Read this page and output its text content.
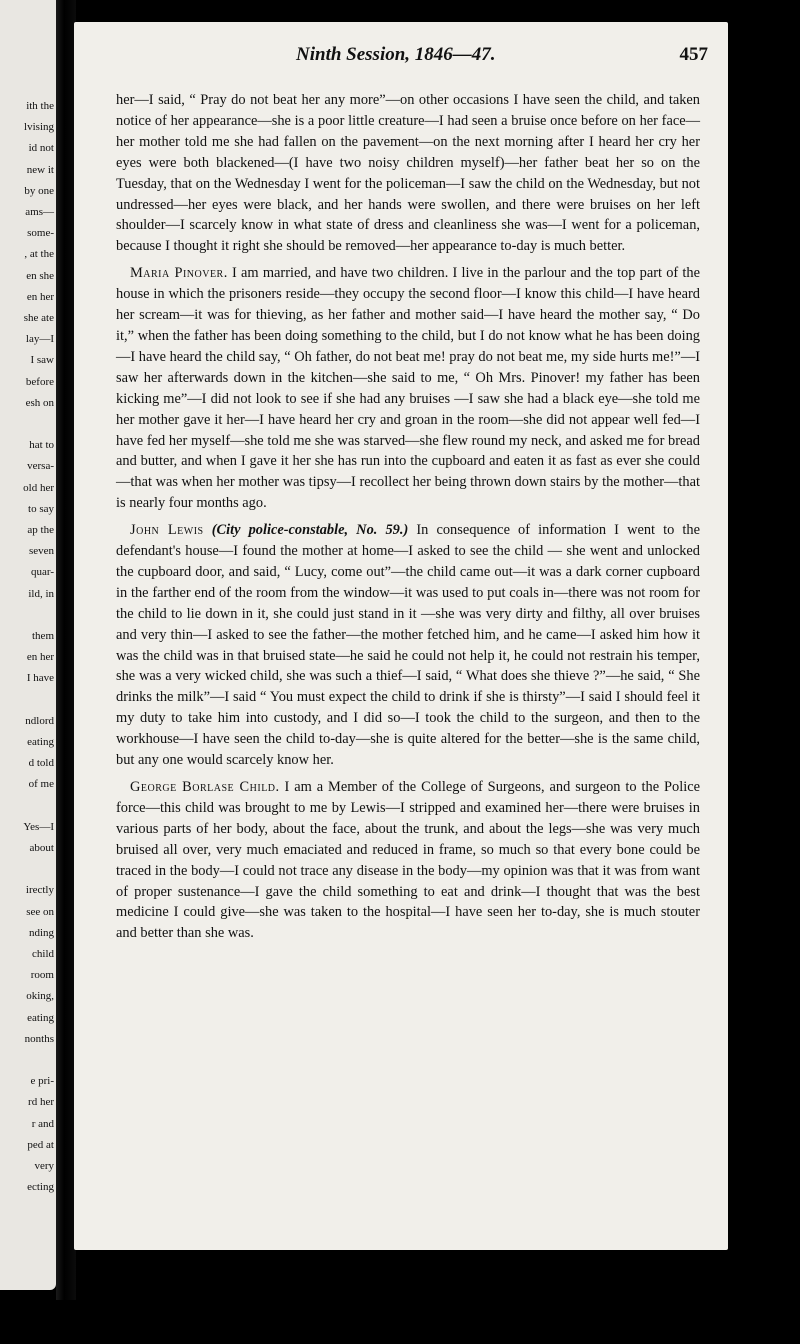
ith the
lvising
id not
new it
by one
ams—
some-
, at the
en she
en her
she ate
lay—I
I saw
before
esh on
hat to
versa-
old her
to say
ap the
seven
quar-
ild, in
them
en her
I have
ndlord
eating
d told
of me
Yes—I
about
irectly
see on
nding
child
room
oking,
eating
nonths
e pri-
rd her
r and
ped at
very
ecting
Ninth Session, 1846—47.	457

her—I said, “ Pray do not beat her any more”—on other occasions I have seen the child, and taken notice of her appearance—she is a poor little creature—I had seen a bruise once before on her face—her mother told me she had fallen on the pavement—on the next morning after I heard her cry her eyes were both blackened—(I have two noisy children myself)—her father beat her so on the Tuesday, that on the Wednesday I went for the policeman—I saw the child on the Wednesday, but not undressed—her eyes were black, and her hands were swollen, and there were bruises on her left shoulder—I scarcely know in what state of dress and cleanliness she was—I went for a policeman, because I thought it right she should be removed—her appearance to-day is much better.

Maria Pinover. I am married, and have two children. I live in the parlour and the top part of the house in which the prisoners reside—they occupy the second floor—I know this child—I have heard her scream—it was for thieving, as her father and mother said—I have heard the mother say, “ Do it,” when the father has been doing something to the child, but I do not know what he has been doing—I have heard the child say, “ Oh father, do not beat me! pray do not beat me, my side hurts me!”—I saw her afterwards down in the kitchen—she said to me, “ Oh Mrs. Pinover! my father has been kicking me”—I did not look to see if she had any bruises —I saw she had a black eye—she told me her mother gave it her—I have heard her cry and groan in the room—she did not appear well fed—I have fed her myself—she told me she was starved—she flew round my neck, and asked me for bread and butter, and when I gave it her she has run into the cupboard and eaten it as fast as ever she could—that was when her mother was tipsy—I recollect her being thrown down stairs by the mother—that is nearly four months ago.

John Lewis (City police-constable, No. 59.) In consequence of information I went to the defendant's house—I found the mother at home—I asked to see the child — she went and unlocked the cupboard door, and said, “ Lucy, come out”—the child came out—it was a dark corner cupboard in the farther end of the room from the window—it was used to put coals in—there was not room for the child to lie down in it, she could just stand in it —she was very dirty and filthy, all over bruises and very thin—I asked to see the father—the mother fetched him, and he came—I asked him how it was the child was in that bruised state—he said he could not help it, he could not restrain his temper, she was a very wicked child, she was such a thief—I said, “ What does she thieve ?”—he said, “ She drinks the milk”—I said “ You must expect the child to drink if she is thirsty”—I said I should feel it my duty to take him into custody, and I did so—I took the child to the surgeon, and then to the workhouse—I have seen the child to-day—she is quite altered for the better—she is the same child, but any one would scarcely know her.

George Borlase Child. I am a Member of the College of Surgeons, and surgeon to the Police force—this child was brought to me by Lewis—I stripped and examined her—there were bruises in various parts of her body, about the face, about the trunk, and about the legs—she was very much bruised all over, very much emaciated and reduced in frame, so much so that every bone could be traced in the body—I could not trace any disease in the body—my opinion was that it was from want of proper sustenance—I gave the child something to eat and drink—I thought that was the best medicine I could give—she was taken to the hospital—I have seen her to-day, she is much stouter and better than she was.
